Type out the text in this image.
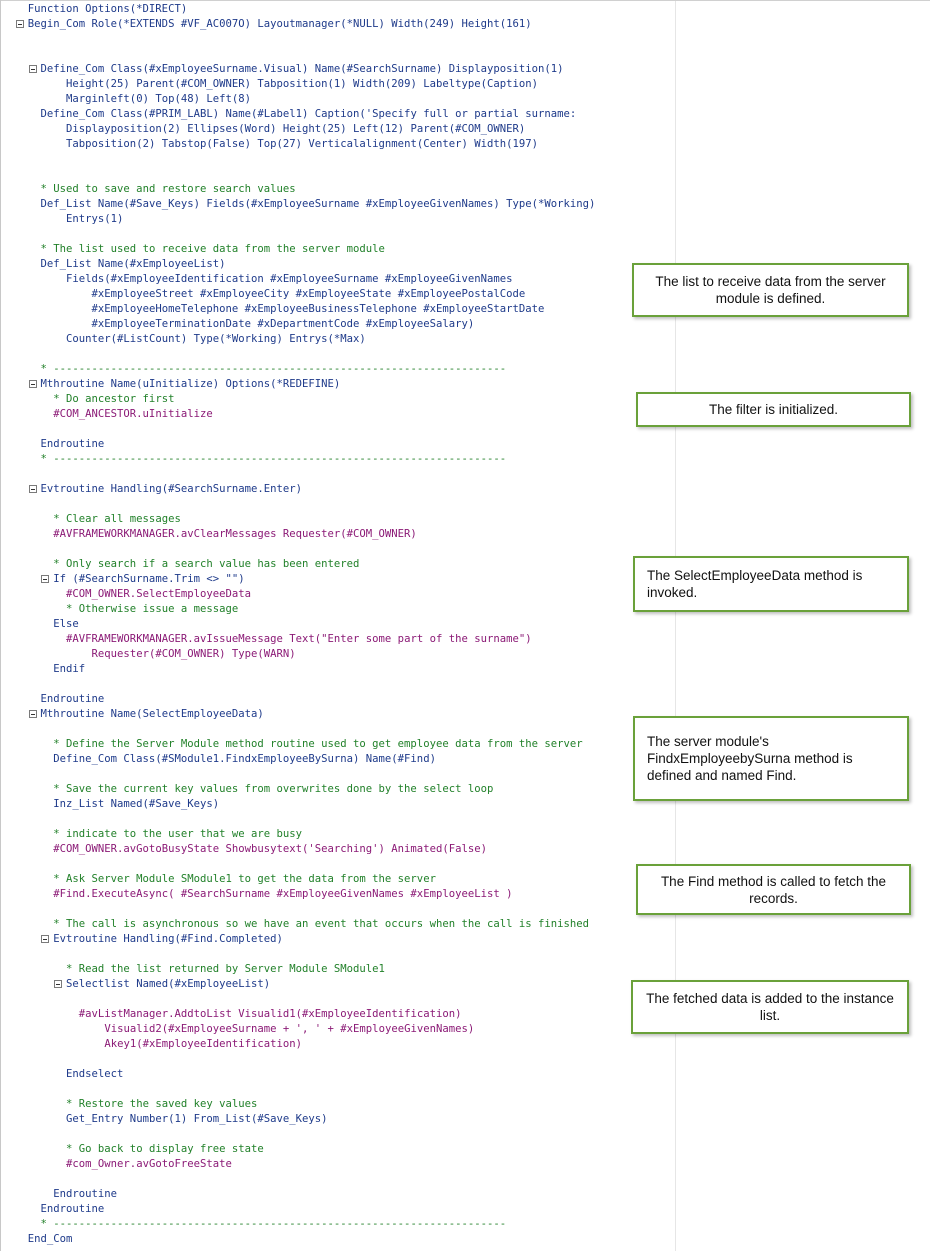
Function Options(*DIRECT)
Begin_Com Role(*EXTENDS #VF_AC007O) Layoutmanager(*NULL) Width(249) Height(161)
Define_Com Class(#xEmployeeSurname.Visual) Name(#SearchSurname) Displayposition(1)
Height(25) Parent(#COM_OWNER) Tabposition(1) Width(209) Labeltype(Caption)
Marginleft(0) Top(48) Left(8)
Define_Com Class(#PRIM_LABL) Name(#Label1) Caption('Specify full or partial surname:
Displayposition(2) Ellipses(Word) Height(25) Left(12) Parent(#COM_OWNER)
Tabposition(2) Tabstop(False) Top(27) Verticalalignment(Center) Width(197)
* Used to save and restore search values
Def_List Name(#Save_Keys) Fields(#xEmployeeSurname #xEmployeeGivenNames) Type(*Working)
Entrys(1)
* The list used to receive data from the server module
Def_List Name(#xEmployeeList)
Fields(#xEmployeeIdentification #xEmployeeSurname #xEmployeeGivenNames
#xEmployeeStreet #xEmployeeCity #xEmployeeState #xEmployeePostalCode
#xEmployeeHomeTelephone #xEmployeeBusinessTelephone #xEmployeeStartDate
#xEmployeeTerminationDate #xDepartmentCode #xEmployeeSalary)
Counter(#ListCount) Type(*Working) Entrys(*Max)
* -----------------------------------------------------------------------
Mthroutine Name(uInitialize) Options(*REDEFINE)
* Do ancestor first
#COM_ANCESTOR.uInitialize
Endroutine
* -----------------------------------------------------------------------
Evtroutine Handling(#SearchSurname.Enter)
* Clear all messages
#AVFRAMEWORKMANAGER.avClearMessages Requester(#COM_OWNER)
* Only search if a search value has been entered
If (#SearchSurname.Trim <> "")
#COM_OWNER.SelectEmployeeData
* Otherwise issue a message
Else
#AVFRAMEWORKMANAGER.avIssueMessage Text("Enter some part of the surname")
Requester(#COM_OWNER) Type(WARN)
Endif
Endroutine
Mthroutine Name(SelectEmployeeData)
* Define the Server Module method routine used to get employee data from the server
Define_Com Class(#SModule1.FindxEmployeeBySurna) Name(#Find)
* Save the current key values from overwrites done by the select loop
Inz_List Named(#Save_Keys)
* indicate to the user that we are busy
#COM_OWNER.avGotoBusyState Showbusytext('Searching') Animated(False)
* Ask Server Module SModule1 to get the data from the server
#Find.ExecuteAsync( #SearchSurname #xEmployeeGivenNames #xEmployeeList )
* The call is asynchronous so we have an event that occurs when the call is finished
Evtroutine Handling(#Find.Completed)
* Read the list returned by Server Module SModule1
Selectlist Named(#xEmployeeList)
#avListManager.AddtoList Visualid1(#xEmployeeIdentification)
Visualid2(#xEmployeeSurname + ', ' + #xEmployeeGivenNames)
Akey1(#xEmployeeIdentification)
Endselect
* Restore the saved key values
Get_Entry Number(1) From_List(#Save_Keys)
* Go back to display free state
#com_Owner.avGotoFreeState
Endroutine
Endroutine
* -----------------------------------------------------------------------
End_Com
The list to receive data from the server module is defined.
The filter is initialized.
The SelectEmployeeData method is invoked.
The server module's FindxEmployeebySurna method is defined and named Find.
The Find method is called to fetch the records.
The fetched data is added to the instance list.
